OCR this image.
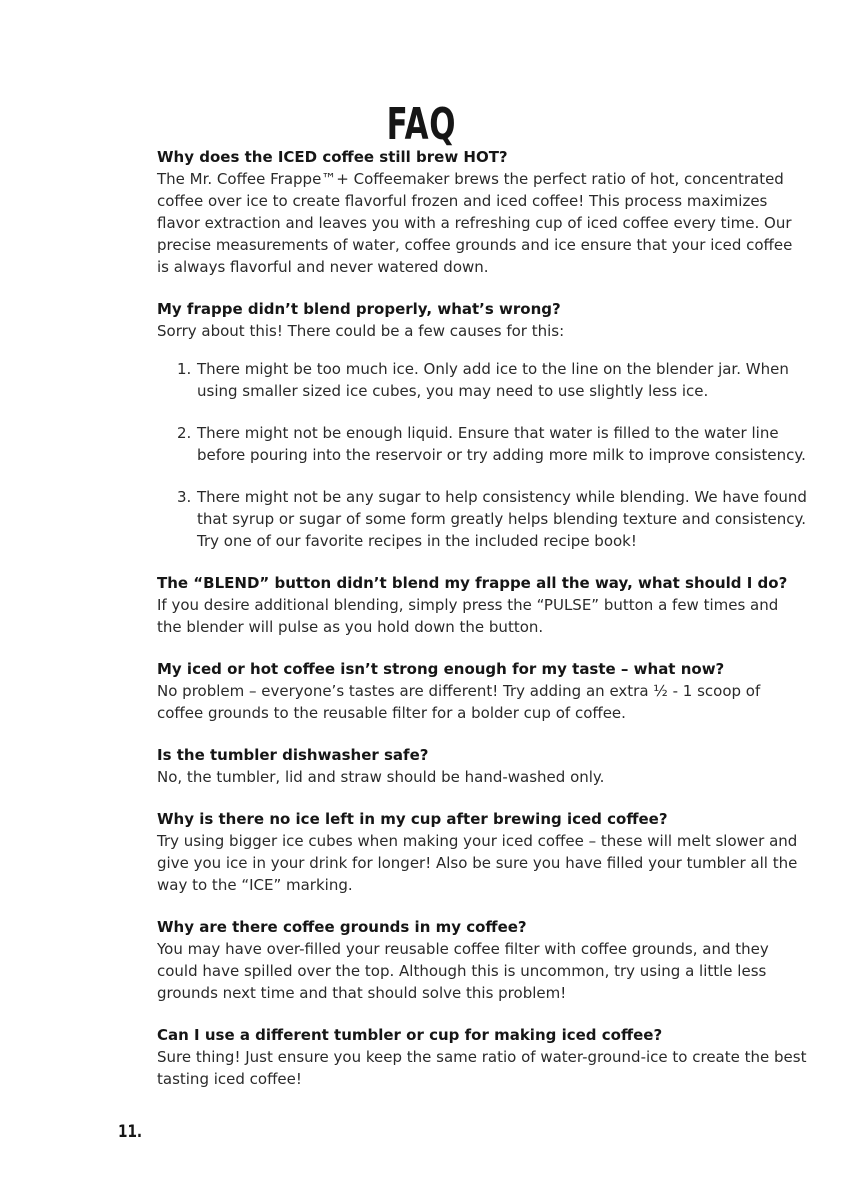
FAQ
Why does the ICED coffee still brew HOT?
The Mr. Coffee Frappe™+ Coffeemaker brews the perfect ratio of hot, concentrated coffee over ice to create flavorful frozen and iced coffee! This process maximizes flavor extraction and leaves you with a refreshing cup of iced coffee every time. Our precise measurements of water, coffee grounds and ice ensure that your iced coffee is always flavorful and never watered down.
My frappe didn’t blend properly, what’s wrong?
Sorry about this! There could be a few causes for this:
1. There might be too much ice. Only add ice to the line on the blender jar. When using smaller sized ice cubes, you may need to use slightly less ice.
2. There might not be enough liquid. Ensure that water is filled to the water line before pouring into the reservoir or try adding more milk to improve consistency.
3. There might not be any sugar to help consistency while blending. We have found that syrup or sugar of some form greatly helps blending texture and consistency. Try one of our favorite recipes in the included recipe book!
The “BLEND” button didn’t blend my frappe all the way, what should I do?
If you desire additional blending, simply press the “PULSE” button a few times and the blender will pulse as you hold down the button.
My iced or hot coffee isn’t strong enough for my taste – what now?
No problem – everyone’s tastes are different! Try adding an extra ½ - 1 scoop of coffee grounds to the reusable filter for a bolder cup of coffee.
Is the tumbler dishwasher safe?
No, the tumbler, lid and straw should be hand-washed only.
Why is there no ice left in my cup after brewing iced coffee?
Try using bigger ice cubes when making your iced coffee – these will melt slower and give you ice in your drink for longer! Also be sure you have filled your tumbler all the way to the “ICE” marking.
Why are there coffee grounds in my coffee?
You may have over-filled your reusable coffee filter with coffee grounds, and they could have spilled over the top. Although this is uncommon, try using a little less grounds next time and that should solve this problem!
Can I use a different tumbler or cup for making iced coffee?
Sure thing! Just ensure you keep the same ratio of water-ground-ice to create the best tasting iced coffee!
11.
